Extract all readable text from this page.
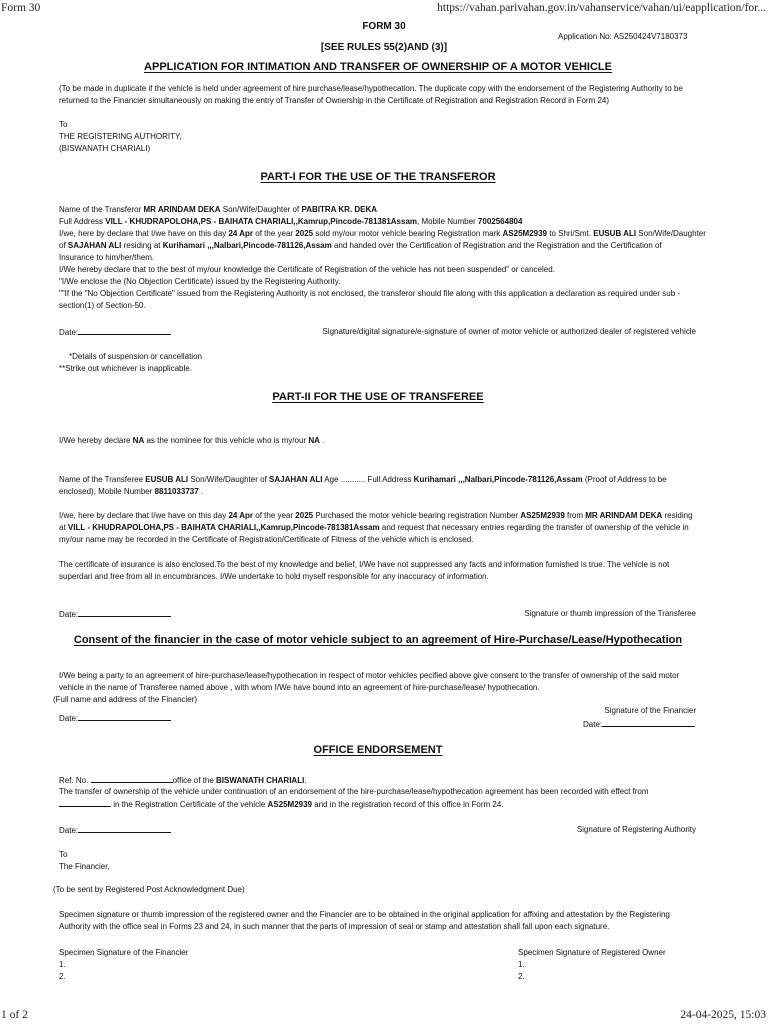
Form 30	https://vahan.parivahan.gov.in/vahanservice/vahan/ui/eapplication/for...
1 of 2	24-04-2025, 15:03
FORM 30
Application No: AS250424V7180373
[SEE RULES 55(2)AND (3)]
APPLICATION FOR INTIMATION AND TRANSFER OF OWNERSHIP OF A MOTOR VEHICLE
(To be made in duplicate if the vehicle is held under agreement of hire purchase/lease/hypothecation. The duplicate copy with the endorsement of the Registering Authority to be
returned to the Financier simultaneously on making the entry of Transfer of Ownership in the Certificate of Registration and Registration Record in Form 24)
To
THE REGISTERING AUTHORITY,
(BISWANATH CHARIALI)
PART-I FOR THE USE OF THE TRANSFEROR
Name of the Transferor MR ARINDAM DEKA Son/Wife/Daughter of PABITRA KR. DEKA
Full Address VILL - KHUDRAPOLOHA,PS - BAIHATA CHARIALI,,Kamrup,Pincode-781381Assam, Mobile Number 7002564804
I/we, here by declare that I/we have on this day 24 Apr of the year 2025 sold my/our motor vehicle bearing Registration mark AS25M2939 to Shri/Smt. EUSUB ALI Son/Wife/Daughter
of SAJAHAN ALI residing at Kurihamari ,,,Nalbari,Pincode-781126,Assam and handed over the Certification of Registration and the Registration and the Certification of
Insurance to him/her/them.
I/We hereby declare that to the best of my/our knowledge the Certificate of Registration of the vehicle has not been suspended" or canceled.
"I/We enclose the (No Objection Certificate) issued by the Registering Authority.
""If the "No Objection Certificate" issued from the Registering Authority is not enclosed, the transferor should file along with this application a declaration as required under sub -
section(1) of Section-50.
Date:	Signature/digital signature/e-signature of owner of motor vehicle or authorized dealer of registered vehicle
*Details of suspension or cancellation
**Strike out whichever is inapplicable.
PART-II FOR THE USE OF TRANSFEREE
I/We hereby declare NA as the nominee for this vehicle who is my/our NA .
Name of the Transferee EUSUB ALI Son/Wife/Daughter of SAJAHAN ALI Age ........... Full Address Kurihamari ,,,Nalbari,Pincode-781126,Assam (Proof of Address to be
enclosed), Mobile Number 8811033737 .
I/we, here by declare that I/we have on this day 24 Apr of the year 2025 Purchased the motor vehicle bearing registration Number AS25M2939 from MR ARINDAM DEKA residing
at VILL - KHUDRAPOLOHA,PS - BAIHATA CHARIALI,,Kamrup,Pincode-781381Assam and request that necessary entries regarding the transfer of ownership of the vehicle in
my/our name may be recorded in the Certificate of Registration/Certificate of Fitness of the vehicle which is enclosed.
The certificate of insurance is also enclosed.To the best of my knowledge and belief, I/We have not suppressed any facts and information furnished is true. The vehicle is not
superdari and free from all in encumbrances. I/We undertake to hold myself responsible for any inaccuracy of information.
Date:	Signature or thumb impression of the Transferee
Consent of the financier in the case of motor vehicle subject to an agreement of Hire-Purchase/Lease/Hypothecation
I/We being a party to an agreement of hire-purchase/lease/hypothecation in respect of motor vehicles pecified above give consent to the transfer of ownership of the said motor
vehicle in the name of Transferee named above , with whom I/We have bound into an agreement of hire-purchase/lease/ hypothecation.
(Full name and address of the Financier)
Signature of the Financier
Date:
Date:
OFFICE ENDORSEMENT
Ref. No.	office of the BISWANATH CHARIALI.
The transfer of ownership of the vehicle under continuation of an endorsement of the hire-purchase/lease/hypothecation agreement has been recorded with effect from
in the Registration Certificate of the vehicle AS25M2939 and in the registration record of this office in Form 24.
Date:	Signature of Registering Authority
To
The Financier,
(To be sent by Registered Post Acknowledgment Due)
Specimen signature or thumb impression of the registered owner and the Financier are to be obtained in the original application for affixing and attestation by the Registering
Authority with the office seal in Forms 23 and 24, in such manner that the parts of impression of seal or stamp and attestation shall fall upon each signature.
Specimen Signature of the Financier
1.
2.
Specimen Signature of Registered Owner
1.
2.
